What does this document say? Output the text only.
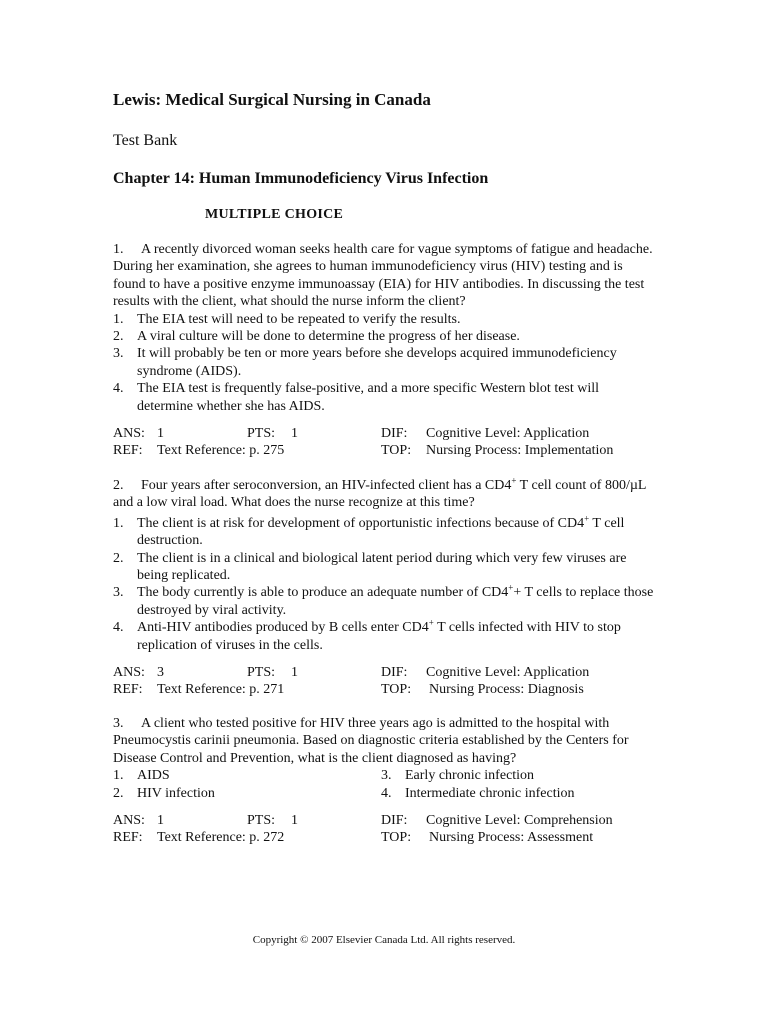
Lewis: Medical Surgical Nursing in Canada
Test Bank
Chapter 14: Human Immunodeficiency Virus Infection
MULTIPLE CHOICE

1. A recently divorced woman seeks health care for vague symptoms of fatigue and headache. During her examination, she agrees to human immunodeficiency virus (HIV) testing and is found to have a positive enzyme immunoassay (EIA) for HIV antibodies. In discussing the test results with the client, what should the nurse inform the client?

1. The EIA test will need to be repeated to verify the results.
2. A viral culture will be done to determine the progress of her disease.
3. It will probably be ten or more years before she develops acquired immunodeficiency syndrome (AIDS).
4. The EIA test is frequently false-positive, and a more specific Western blot test will determine whether she has AIDS.
ANS: 1	PTS: 1	DIF: Cognitive Level: Application
REF: Text Reference: p. 275	TOP: Nursing Process: Implementation

2. Four years after seroconversion, an HIV-infected client has a CD4+ T cell count of 800/µL and a low viral load. What does the nurse recognize at this time?

1. The client is at risk for development of opportunistic infections because of CD4+ T cell destruction.
2. The client is in a clinical and biological latent period during which very few viruses are being replicated.
3. The body currently is able to produce an adequate number of CD4++ T cells to replace those destroyed by viral activity.
4. Anti-HIV antibodies produced by B cells enter CD4+ T cells infected with HIV to stop replication of viruses in the cells.
ANS: 3	PTS: 1	DIF: Cognitive Level: Application
REF: Text Reference: p. 271	TOP: Nursing Process: Diagnosis

3. A client who tested positive for HIV three years ago is admitted to the hospital with Pneumocystis carinii pneumonia. Based on diagnostic criteria established by the Centers for Disease Control and Prevention, what is the client diagnosed as having?

1. AIDS	3. Early chronic infection
2. HIV infection	4. Intermediate chronic infection
ANS: 1	PTS: 1	DIF: Cognitive Level: Comprehension
REF: Text Reference: p. 272	TOP: Nursing Process: Assessment
Copyright © 2007 Elsevier Canada Ltd. All rights reserved.
